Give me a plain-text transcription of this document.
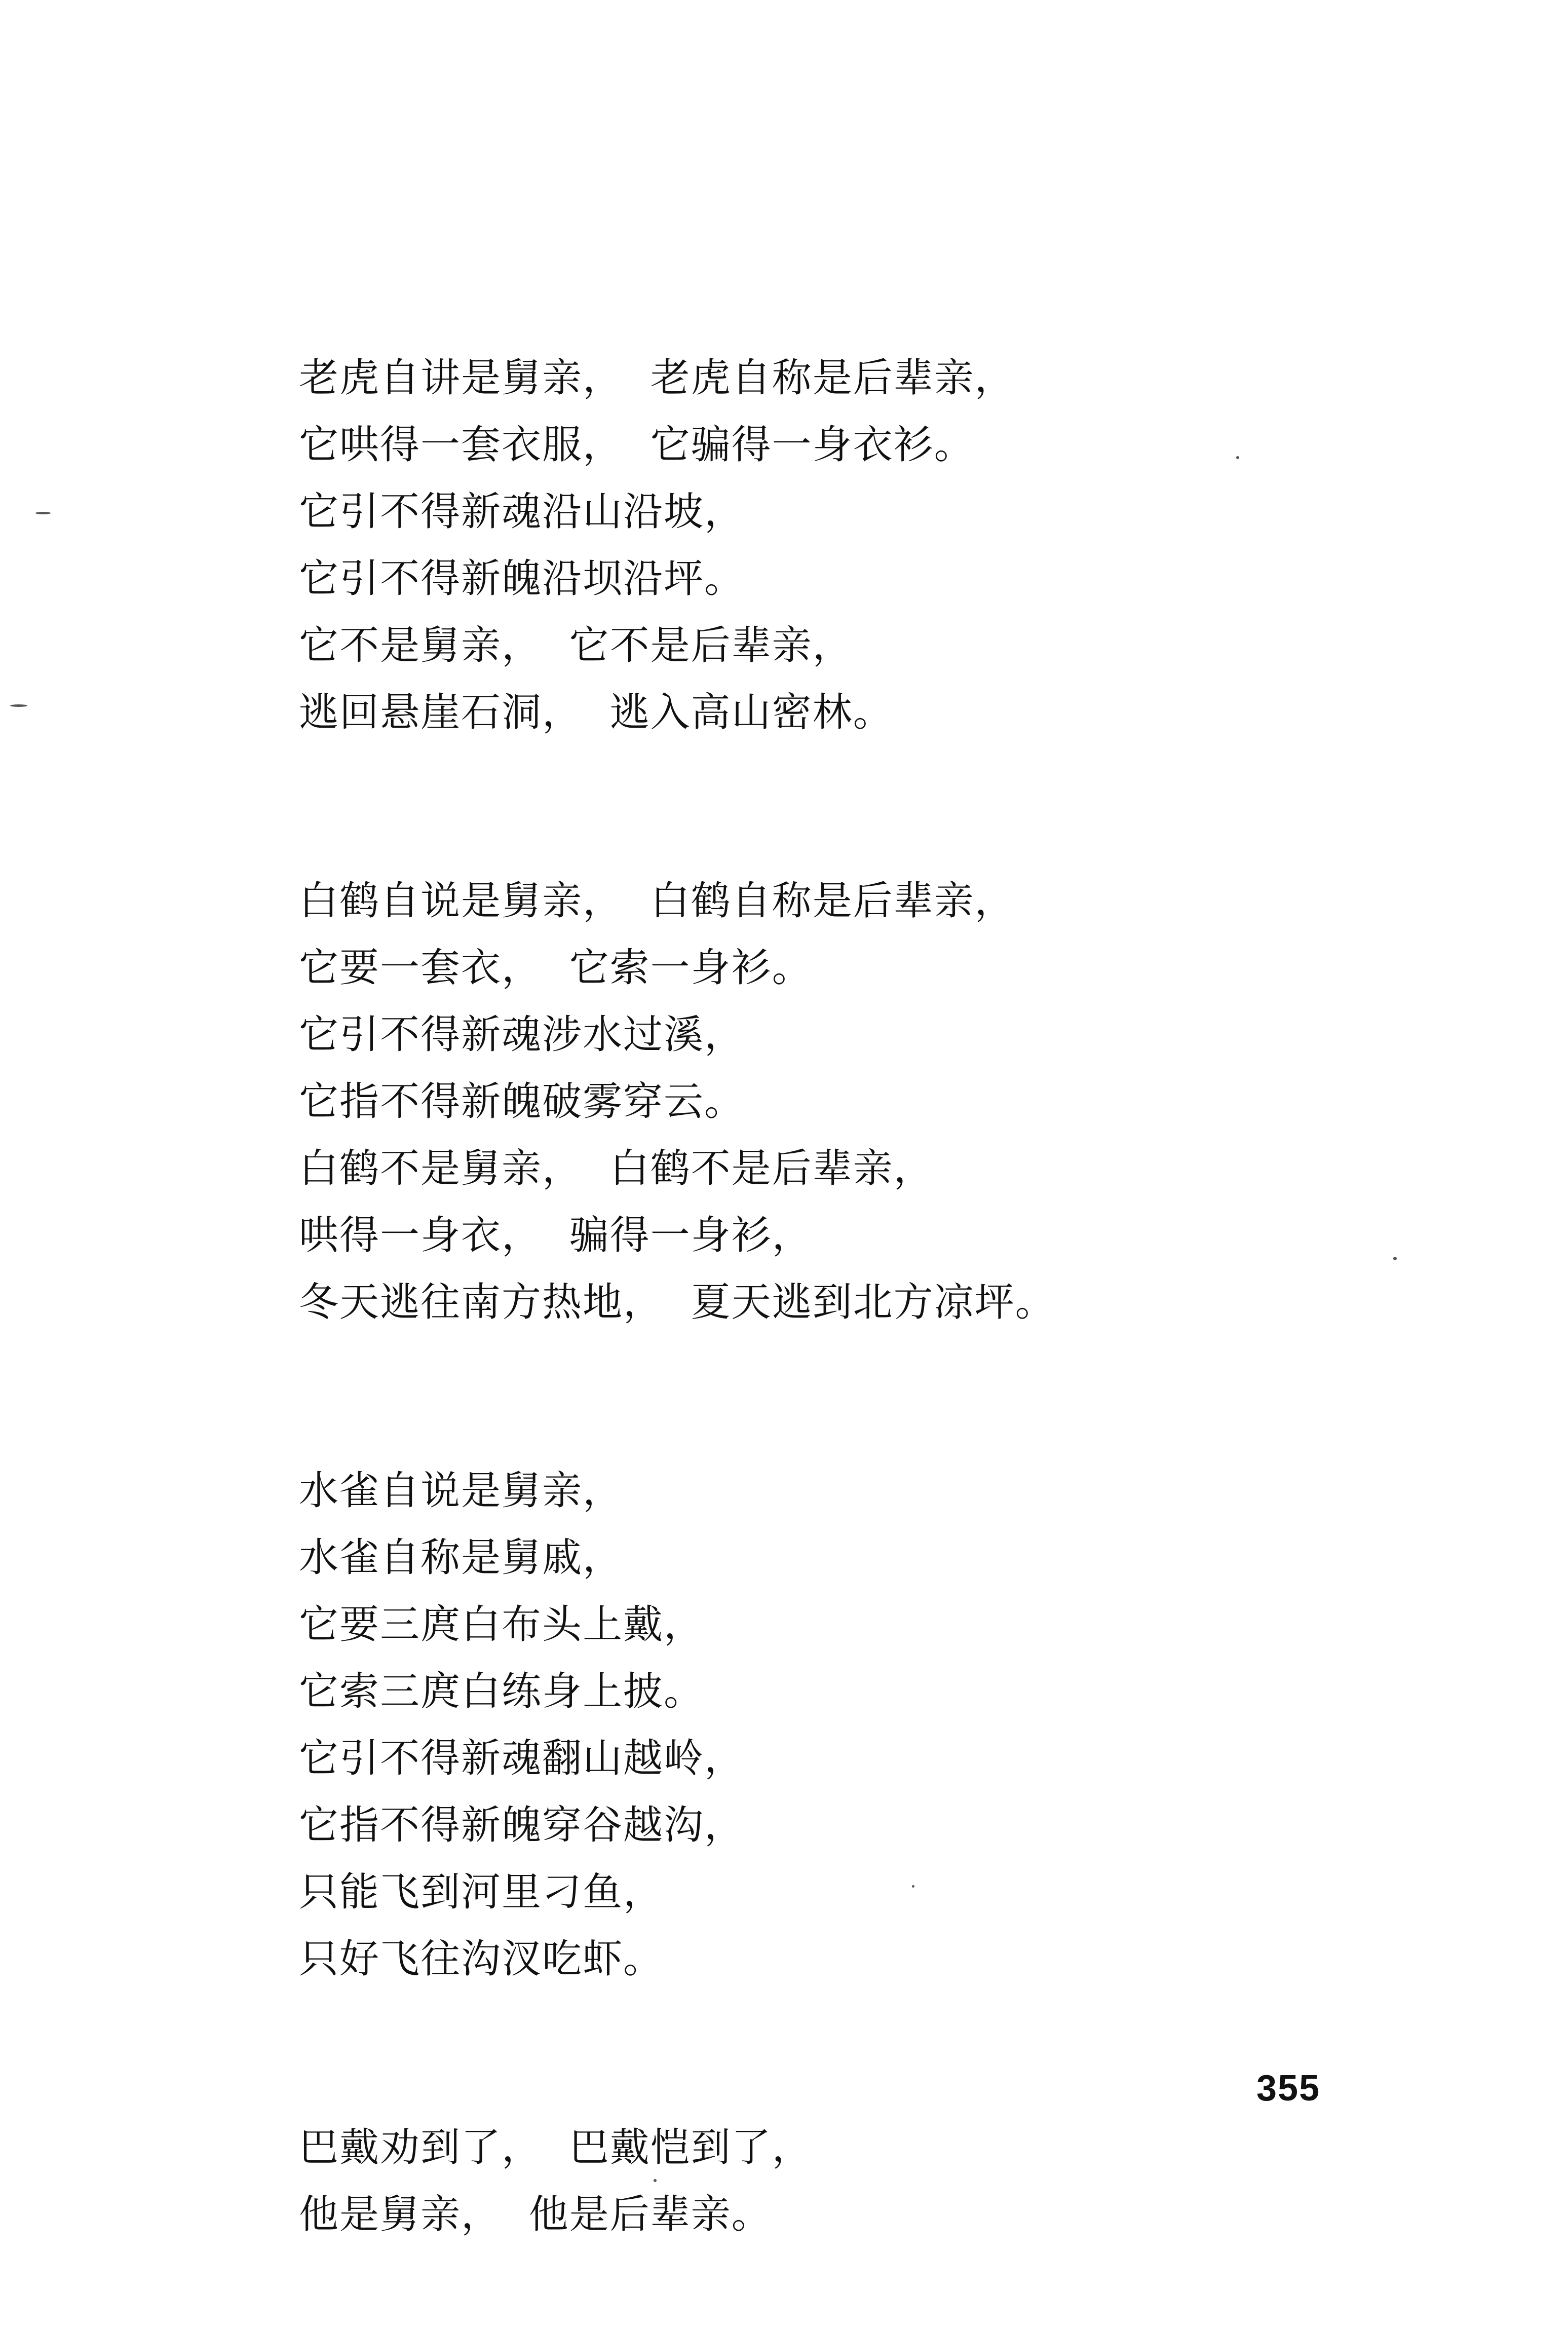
老虎自讲是舅亲，  老虎自称是后辈亲，
它哄得一套衣服，  它骗得一身衣衫。
它引不得新魂沿山沿坡，
它引不得新魄沿坝沿坪。
它不是舅亲，  它不是后辈亲，
逃回悬崖石洞，  逃入高山密林。
白鹤自说是舅亲，  白鹤自称是后辈亲，
它要一套衣，  它索一身衫。
它引不得新魂涉水过溪，
它指不得新魄破雾穿云。
白鹤不是舅亲，  白鹤不是后辈亲，
哄得一身衣，  骗得一身衫，
冬天逃往南方热地，  夏天逃到北方凉坪。
水雀自说是舅亲，
水雀自称是舅戚，
它要三庹白布头上戴，
它索三庹白练身上披。
它引不得新魂翻山越岭，
它指不得新魄穿谷越沟，
只能飞到河里刁鱼，
只好飞往沟汊吃虾。
巴戴劝到了，  巴戴恺到了，
他是舅亲，  他是后辈亲。
355
